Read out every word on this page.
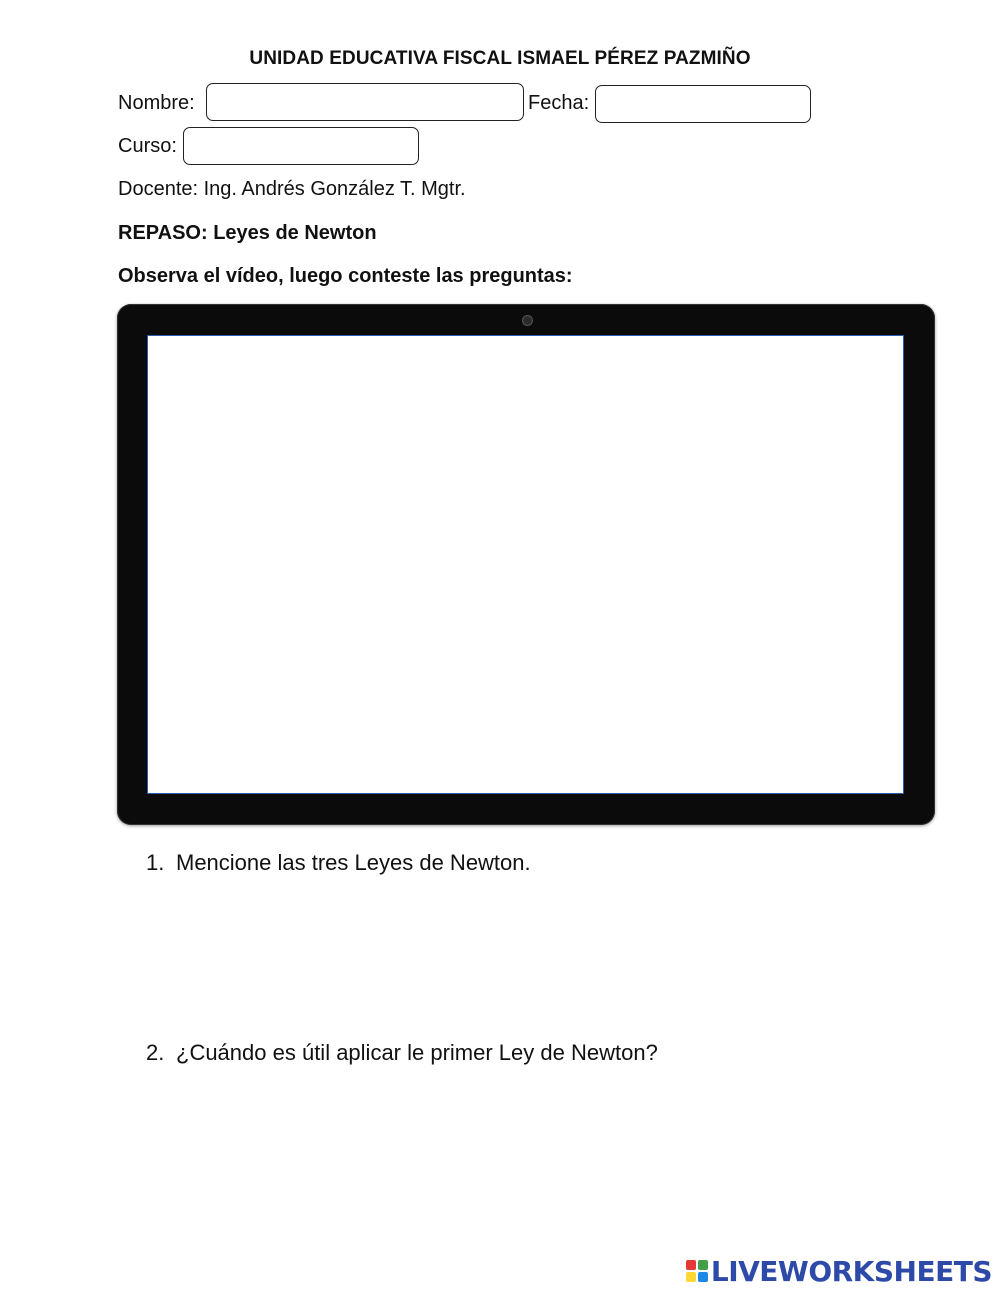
UNIDAD EDUCATIVA FISCAL ISMAEL PÉREZ PAZMIÑO
Nombre:	Fecha:
Curso:
Docente: Ing. Andrés González T. Mgtr.
REPASO: Leyes de Newton
Observa el vídeo, luego conteste las preguntas:
1. Mencione las tres Leyes de Newton.
2. ¿Cuándo es útil aplicar le primer Ley de Newton?
LIVEWORKSHEETS
